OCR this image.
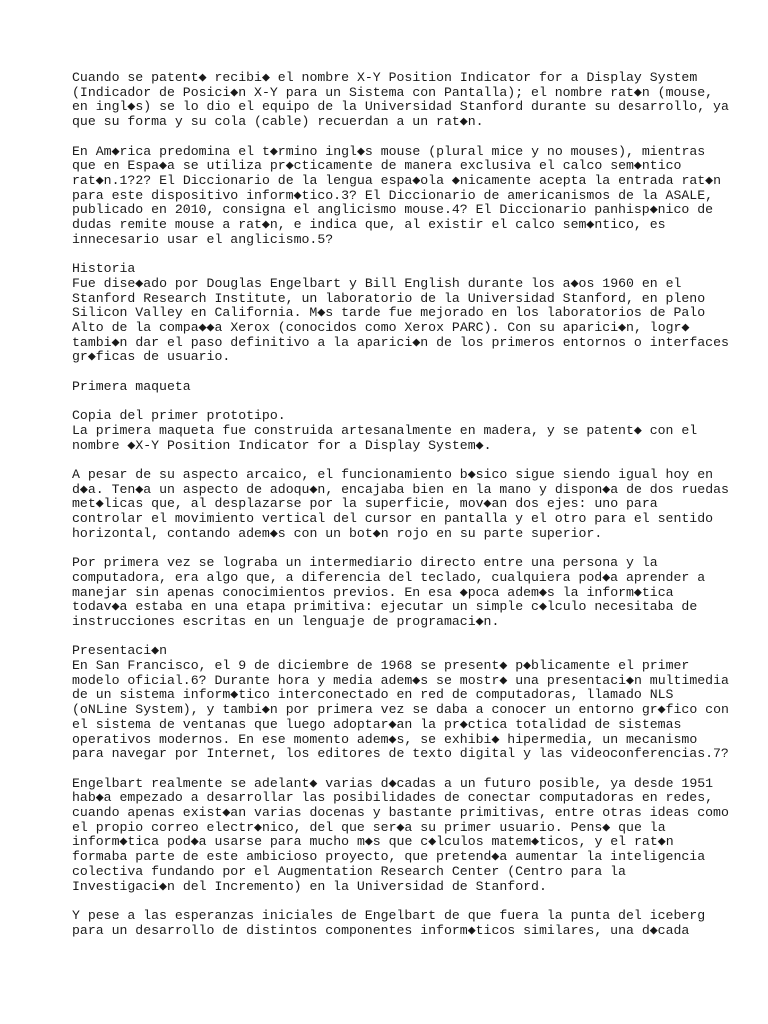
Cuando se patent◆ recibi◆ el nombre X-Y Position Indicator for a Display System
(Indicador de Posici◆n X-Y para un Sistema con Pantalla); el nombre rat◆n (mouse,
en ingl◆s) se lo dio el equipo de la Universidad Stanford durante su desarrollo, ya
que su forma y su cola (cable) recuerdan a un rat◆n.

En Am◆rica predomina el t◆rmino ingl◆s mouse (plural mice y no mouses), mientras
que en Espa◆a se utiliza pr◆cticamente de manera exclusiva el calco sem◆ntico
rat◆n.1?2? El Diccionario de la lengua espa◆ola ◆nicamente acepta la entrada rat◆n
para este dispositivo inform◆tico.3? El Diccionario de americanismos de la ASALE,
publicado en 2010, consigna el anglicismo mouse.4? El Diccionario panhisp◆nico de
dudas remite mouse a rat◆n, e indica que, al existir el calco sem◆ntico, es
innecesario usar el anglicismo.5?

Historia
Fue dise◆ado por Douglas Engelbart y Bill English durante los a◆os 1960 en el
Stanford Research Institute, un laboratorio de la Universidad Stanford, en pleno
Silicon Valley en California. M◆s tarde fue mejorado en los laboratorios de Palo
Alto de la compa◆◆a Xerox (conocidos como Xerox PARC). Con su aparici◆n, logr◆
tambi◆n dar el paso definitivo a la aparici◆n de los primeros entornos o interfaces
gr◆ficas de usuario.

Primera maqueta

Copia del primer prototipo.
La primera maqueta fue construida artesanalmente en madera, y se patent◆ con el
nombre ◆X-Y Position Indicator for a Display System◆.

A pesar de su aspecto arcaico, el funcionamiento b◆sico sigue siendo igual hoy en
d◆a. Ten◆a un aspecto de adoqu◆n, encajaba bien en la mano y dispon◆a de dos ruedas
met◆licas que, al desplazarse por la superficie, mov◆an dos ejes: uno para
controlar el movimiento vertical del cursor en pantalla y el otro para el sentido
horizontal, contando adem◆s con un bot◆n rojo en su parte superior.

Por primera vez se lograba un intermediario directo entre una persona y la
computadora, era algo que, a diferencia del teclado, cualquiera pod◆a aprender a
manejar sin apenas conocimientos previos. En esa ◆poca adem◆s la inform◆tica
todav◆a estaba en una etapa primitiva: ejecutar un simple c◆lculo necesitaba de
instrucciones escritas en un lenguaje de programaci◆n.

Presentaci◆n
En San Francisco, el 9 de diciembre de 1968 se present◆ p◆blicamente el primer
modelo oficial.6? Durante hora y media adem◆s se mostr◆ una presentaci◆n multimedia
de un sistema inform◆tico interconectado en red de computadoras, llamado NLS
(oNLine System), y tambi◆n por primera vez se daba a conocer un entorno gr◆fico con
el sistema de ventanas que luego adoptar◆an la pr◆ctica totalidad de sistemas
operativos modernos. En ese momento adem◆s, se exhibi◆ hipermedia, un mecanismo
para navegar por Internet, los editores de texto digital y las videoconferencias.7?

Engelbart realmente se adelant◆ varias d◆cadas a un futuro posible, ya desde 1951
hab◆a empezado a desarrollar las posibilidades de conectar computadoras en redes,
cuando apenas exist◆an varias docenas y bastante primitivas, entre otras ideas como
el propio correo electr◆nico, del que ser◆a su primer usuario. Pens◆ que la
inform◆tica pod◆a usarse para mucho m◆s que c◆lculos matem◆ticos, y el rat◆n
formaba parte de este ambicioso proyecto, que pretend◆a aumentar la inteligencia
colectiva fundando por el Augmentation Research Center (Centro para la
Investigaci◆n del Incremento) en la Universidad de Stanford.

Y pese a las esperanzas iniciales de Engelbart de que fuera la punta del iceberg
para un desarrollo de distintos componentes inform◆ticos similares, una d◆cada
